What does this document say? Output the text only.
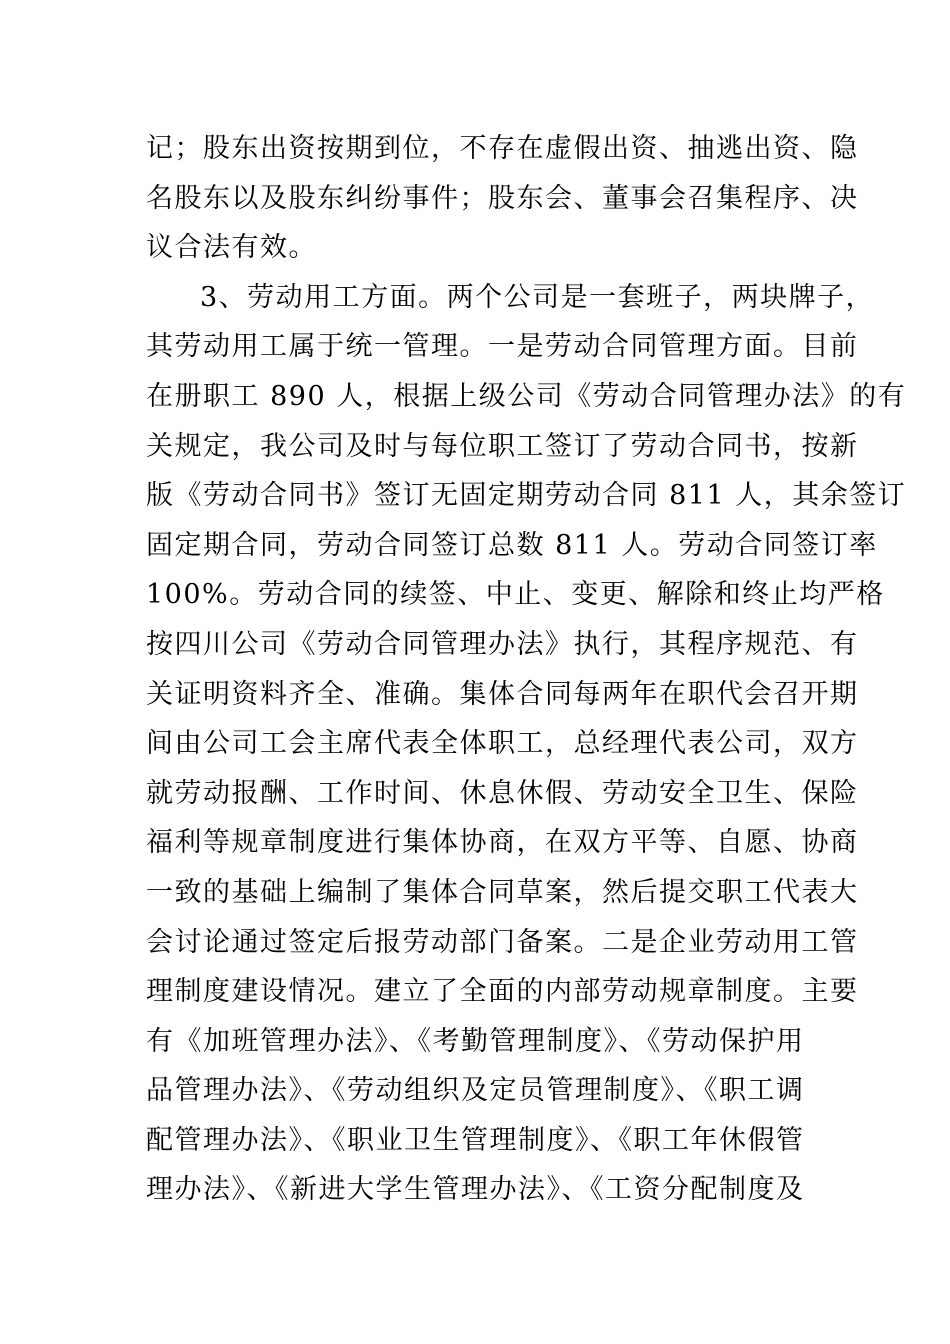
记；股东出资按期到位，不存在虚假出资、抽逃出资、隐
名股东以及股东纠纷事件；股东会、董事会召集程序、决
议合法有效。
3、劳动用工方面。两个公司是一套班子，两块牌子，
其劳动用工属于统一管理。一是劳动合同管理方面。目前
在册职工 890 人，根据上级公司《劳动合同管理办法》的有
关规定，我公司及时与每位职工签订了劳动合同书，按新
版《劳动合同书》签订无固定期劳动合同 811 人，其余签订
固定期合同，劳动合同签订总数 811 人。劳动合同签订率
100%。劳动合同的续签、中止、变更、解除和终止均严格
按四川公司《劳动合同管理办法》执行，其程序规范、有
关证明资料齐全、准确。集体合同每两年在职代会召开期
间由公司工会主席代表全体职工，总经理代表公司，双方
就劳动报酬、工作时间、休息休假、劳动安全卫生、保险
福利等规章制度进行集体协商，在双方平等、自愿、协商
一致的基础上编制了集体合同草案，然后提交职工代表大
会讨论通过签定后报劳动部门备案。二是企业劳动用工管
理制度建设情况。建立了全面的内部劳动规章制度。主要
有《加班管理办法》、《考勤管理制度》、《劳动保护用
品管理办法》、《劳动组织及定员管理制度》、《职工调
配管理办法》、《职业卫生管理制度》、《职工年休假管
理办法》、《新进大学生管理办法》、《工资分配制度及
